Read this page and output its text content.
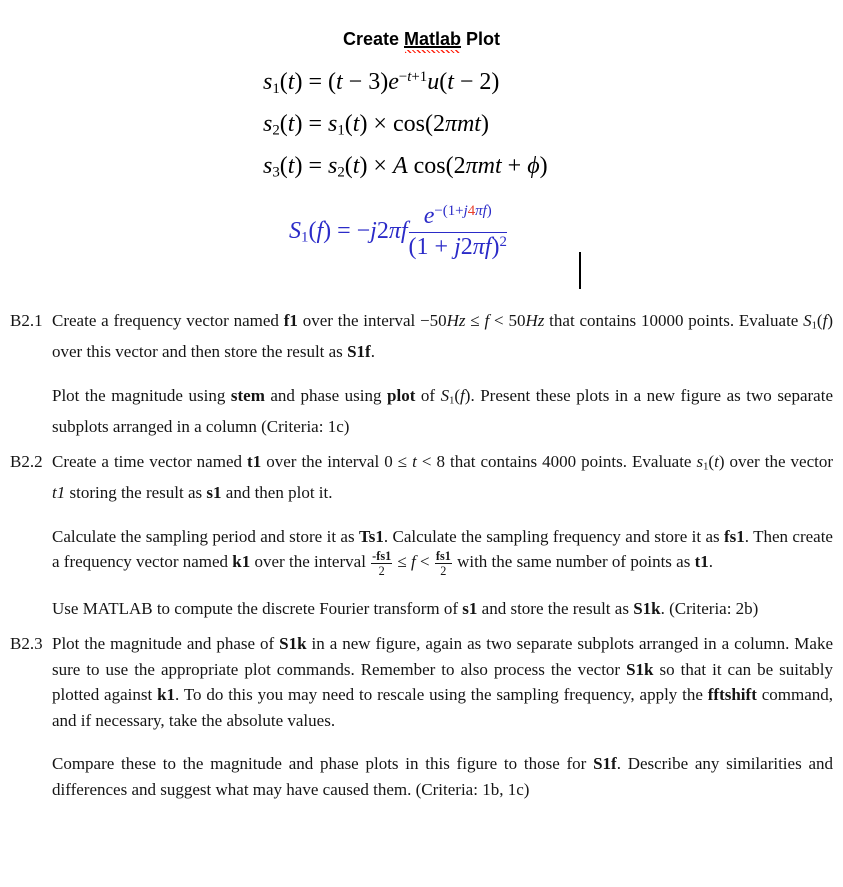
Create Matlab
Plot
$s_1(t) = (t - 3)e^{-t+1}u(t - 2)$
$s_2(t) = s_1(t) \times \cos(2\pi mt)$
$s_3(t) = s_2(t) \times A$ cos(2πmt + ϕ)
$S_1(f) = -j2\pi f \frac{e^{-(1+j4\pi f)}}{(1 + j2\pi f)^2}$
B2.1 Create a frequency vector named f1 over the interval −50Hz ≤ f < 50Hz that contains 10000 points. Evaluate $S_1(f)$ over this vector and then store the result as S1f.

Plot the magnitude using stem and phase using plot of $S_1(f)$. Present these plots in a new figure as two separate subplots arranged in a column (Criteria: 1c)

B2.2 Create a time vector named t1 over the interval 0 ≤ t < 8 that contains 4000 points. Evaluate $s_1(t)$ over the vector t1 storing the result as s1 and then plot it.

Calculate the sampling period and store it as Ts1. Calculate the sampling frequency and store it as fs1. Then create a frequency vector named k1 over the interval $\frac{-fs1}{2} \le f < \frac{fs1}{2}$ with the same number of points as t1.

Use MATLAB to compute the discrete Fourier transform of s1 and store the result as S1k. (Criteria: 2b)

B2.3 Plot the magnitude and phase of S1k in a new figure, again as two separate subplots arranged in a column. Make sure to use the appropriate plot commands. Remember to also process the vector S1k so that it can be suitably plotted against k1. To do this you may need to rescale using the sampling frequency, apply the fftshift command, and if necessary, take the absolute values.

Compare these to the magnitude and phase plots in this figure to those for S1f. Describe any similarities and differences and suggest what may have caused them. (Criteria: 1b, 1c)
